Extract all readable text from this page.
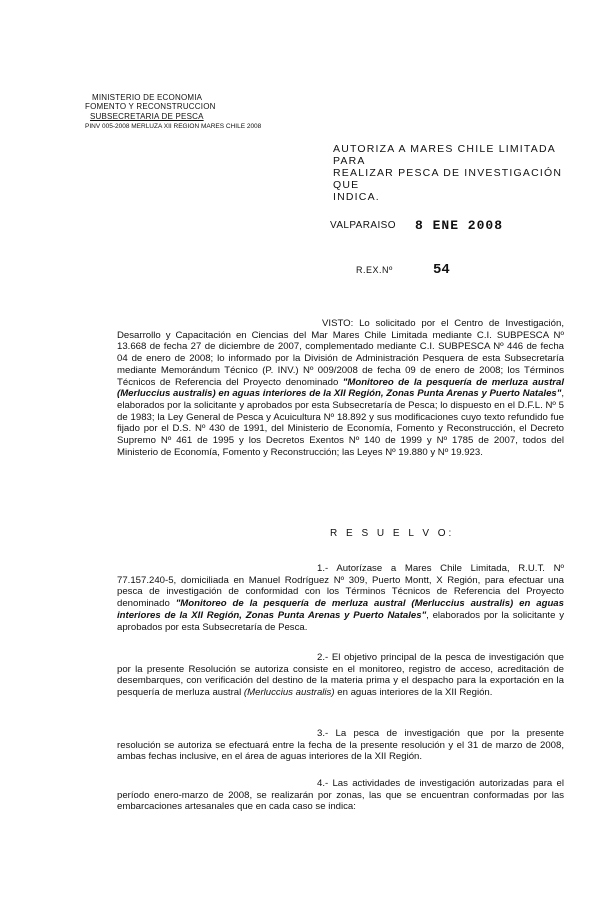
MINISTERIO DE ECONOMIA
FOMENTO Y RECONSTRUCCION
SUBSECRETARIA DE PESCA
PINV 005-2008 MERLUZA XII REGION MARES CHILE 2008
AUTORIZA A MARES CHILE LIMITADA PARA
REALIZAR PESCA DE INVESTIGACIÓN QUE
INDICA.
VALPARAISO 8 ENE 2008
R.EX.Nº	54
VISTO: Lo solicitado por el Centro de Investigación, Desarrollo y Capacitación en Ciencias del Mar Mares Chile Limitada mediante C.I. SUBPESCA Nº 13.668 de fecha 27 de diciembre de 2007, complementado mediante C.I. SUBPESCA Nº 446 de fecha 04 de enero de 2008; lo informado por la División de Administración Pesquera de esta Subsecretaría mediante Memorándum Técnico (P. INV.) Nº 009/2008 de fecha 09 de enero de 2008; los Términos Técnicos de Referencia del Proyecto denominado "Monitoreo de la pesquería de merluza austral (Merluccius australis) en aguas interiores de la XII Región, Zonas Punta Arenas y Puerto Natales", elaborados por la solicitante y aprobados por esta Subsecretaría de Pesca; lo dispuesto en el D.F.L. Nº 5 de 1983; la Ley General de Pesca y Acuicultura Nº 18.892 y sus modificaciones cuyo texto refundido fue fijado por el D.S. Nº 430 de 1991, del Ministerio de Economía, Fomento y Reconstrucción, el Decreto Supremo Nº 461 de 1995 y los Decretos Exentos Nº 140 de 1999 y Nº 1785 de 2007, todos del Ministerio de Economía, Fomento y Reconstrucción; las Leyes Nº 19.880 y Nº 19.923.
R E S U E L V O:
1.- Autorízase a Mares Chile Limitada, R.U.T. Nº 77.157.240-5, domiciliada en Manuel Rodríguez Nº 309, Puerto Montt, X Región, para efectuar una pesca de investigación de conformidad con los Términos Técnicos de Referencia del Proyecto denominado "Monitoreo de la pesquería de merluza austral (Merluccius australis) en aguas interiores de la XII Región, Zonas Punta Arenas y Puerto Natales", elaborados por la solicitante y aprobados por esta Subsecretaría de Pesca.
2.- El objetivo principal de la pesca de investigación que por la presente Resolución se autoriza consiste en el monitoreo, registro de acceso, acreditación de desembarques, con verificación del destino de la materia prima y el despacho para la exportación en la pesquería de merluza austral (Merluccius australis) en aguas interiores de la XII Región.
3.- La pesca de investigación que por la presente resolución se autoriza se efectuará entre la fecha de la presente resolución y el 31 de marzo de 2008, ambas fechas inclusive, en el área de aguas interiores de la XII Región.
4.- Las actividades de investigación autorizadas para el período enero-marzo de 2008, se realizarán por zonas, las que se encuentran conformadas por las embarcaciones artesanales que en cada caso se indica:
